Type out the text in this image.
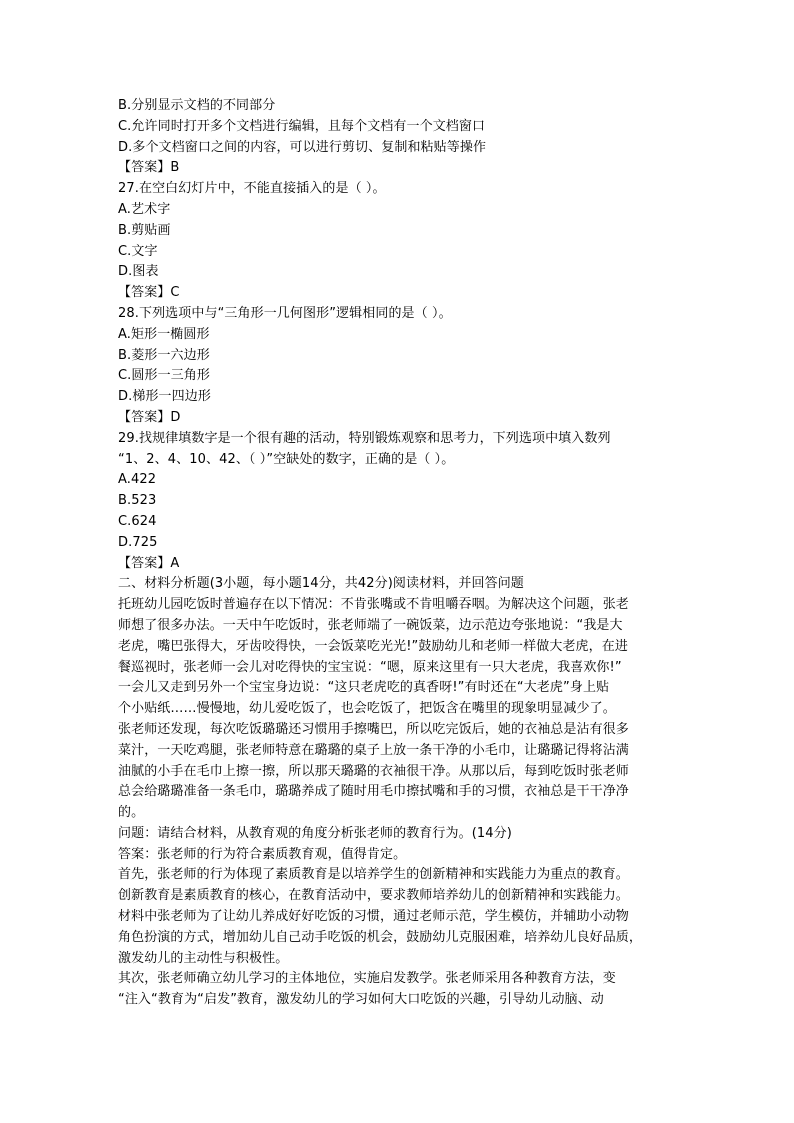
B.分别显示文档的不同部分
C.允许同时打开多个文档进行编辑，且每个文档有一个文档窗口
D.多个文档窗口之间的内容，可以进行剪切、复制和粘贴等操作
【答案】B
27.在空白幻灯片中，不能直接插入的是（ ）。
A.艺术字
B.剪贴画
C.文字
D.图表
【答案】C
28.下列选项中与“三角形一几何图形”逻辑相同的是（ ）。
A.矩形一椭圆形
B.菱形一六边形
C.圆形一三角形
D.梯形一四边形
【答案】D
29.找规律填数字是一个很有趣的活动，特别锻炼观察和思考力，下列选项中填入数列
“1、2、4、10、42、（ ）”空缺处的数字，正确的是（ ）。
A.422
B.523
C.624
D.725
【答案】A
二、材料分析题(3小题，每小题14分，共42分)阅读材料，并回答问题
托班幼儿园吃饭时普遍存在以下情况：不肯张嘴或不肯咀嚼吞咽。为解决这个问题，张老
师想了很多办法。一天中午吃饭时，张老师端了一碗饭菜，边示范边夸张地说：“我是大
老虎，嘴巴张得大，牙齿咬得快，一会饭菜吃光光!”鼓励幼儿和老师一样做大老虎，在进
餐巡视时，张老师一会儿对吃得快的宝宝说：“嗯，原来这里有一只大老虎，我喜欢你!”
一会儿又走到另外一个宝宝身边说：“这只老虎吃的真香呀!”有时还在“大老虎”身上贴
个小贴纸……慢慢地，幼儿爱吃饭了，也会吃饭了，把饭含在嘴里的现象明显减少了。
张老师还发现，每次吃饭璐璐还习惯用手擦嘴巴，所以吃完饭后，她的衣袖总是沾有很多
菜汁，一天吃鸡腿，张老师特意在璐璐的桌子上放一条干净的小毛巾，让璐璐记得将沾满
油腻的小手在毛巾上擦一擦，所以那天璐璐的衣袖很干净。从那以后，每到吃饭时张老师
总会给璐璐准备一条毛巾，璐璐养成了随时用毛巾擦拭嘴和手的习惯，衣袖总是干干净净
的。
问题：请结合材料，从教育观的角度分析张老师的教育行为。(14分)
答案：张老师的行为符合素质教育观，值得肯定。
首先，张老师的行为体现了素质教育是以培养学生的创新精神和实践能力为重点的教育。
创新教育是素质教育的核心，在教育活动中，要求教师培养幼儿的创新精神和实践能力。
材料中张老师为了让幼儿养成好好吃饭的习惯，通过老师示范，学生模仿，并辅助小动物
角色扮演的方式，增加幼儿自己动手吃饭的机会，鼓励幼儿克服困难，培养幼儿良好品质，
激发幼儿的主动性与积极性。
其次，张老师确立幼儿学习的主体地位，实施启发教学。张老师采用各种教育方法，变
“注入“教育为“启发”教育，激发幼儿的学习如何大口吃饭的兴趣，引导幼儿动脑、动
